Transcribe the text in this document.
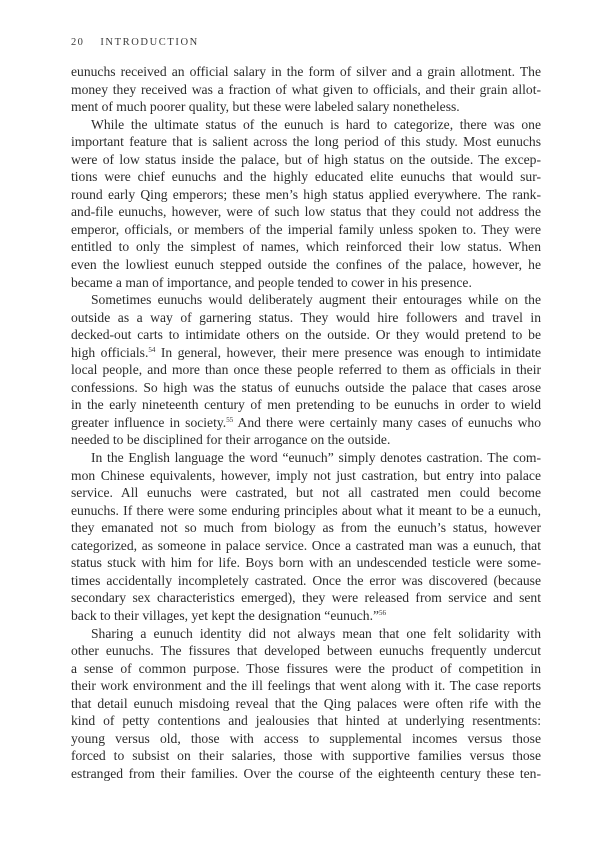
20 INTRODUCTION
eunuchs received an official salary in the form of silver and a grain allotment. The
money they received was a fraction of what given to officials, and their grain allot-
ment of much poorer quality, but these were labeled salary nonetheless.
While the ultimate status of the eunuch is hard to categorize, there was one
important feature that is salient across the long period of this study. Most eunuchs
were of low status inside the palace, but of high status on the outside. The excep-
tions were chief eunuchs and the highly educated elite eunuchs that would sur-
round early Qing emperors; these men’s high status applied everywhere. The rank-
and-file eunuchs, however, were of such low status that they could not address the
emperor, officials, or members of the imperial family unless spoken to. They were
entitled to only the simplest of names, which reinforced their low status. When
even the lowliest eunuch stepped outside the confines of the palace, however, he
became a man of importance, and people tended to cower in his presence.
Sometimes eunuchs would deliberately augment their entourages while on the
outside as a way of garnering status. They would hire followers and travel in
decked-out carts to intimidate others on the outside. Or they would pretend to be
high officials.$^{54}$ In general, however, their mere presence was enough to intimidate
local people, and more than once these people referred to them as officials in their
confessions. So high was the status of eunuchs outside the palace that cases arose
in the early nineteenth century of men pretending to be eunuchs in order to wield
greater influence in society.$^{55}$ And there were certainly many cases of eunuchs who
needed to be disciplined for their arrogance on the outside.
In the English language the word “eunuch” simply denotes castration. The com-
mon Chinese equivalents, however, imply not just castration, but entry into palace
service. All eunuchs were castrated, but not all castrated men could become
eunuchs. If there were some enduring principles about what it meant to be a eunuch,
they emanated not so much from biology as from the eunuch’s status, however
categorized, as someone in palace service. Once a castrated man was a eunuch, that
status stuck with him for life. Boys born with an undescended testicle were some-
times accidentally incompletely castrated. Once the error was discovered (because
secondary sex characteristics emerged), they were released from service and sent
back to their villages, yet kept the designation “eunuch.”$^{56}$
Sharing a eunuch identity did not always mean that one felt solidarity with
other eunuchs. The fissures that developed between eunuchs frequently undercut
a sense of common purpose. Those fissures were the product of competition in
their work environment and the ill feelings that went along with it. The case reports
that detail eunuch misdoing reveal that the Qing palaces were often rife with the
kind of petty contentions and jealousies that hinted at underlying resentments:
young versus old, those with access to supplemental incomes versus those
forced to subsist on their salaries, those with supportive families versus those
estranged from their families. Over the course of the eighteenth century these ten-
